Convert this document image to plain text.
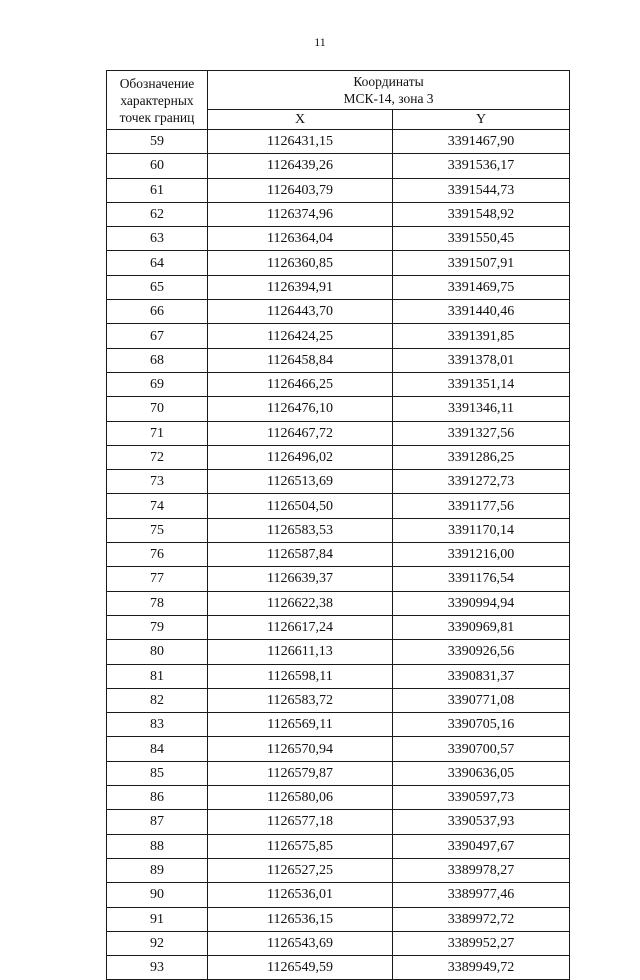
11
Обозначение
характерных
точек границ	Координаты
МСК-14, зона 3	

	X	Y
59	1126431,15	3391467,90
60	1126439,26	3391536,17
61	1126403,79	3391544,73
62	1126374,96	3391548,92
63	1126364,04	3391550,45
64	1126360,85	3391507,91
65	1126394,91	3391469,75
66	1126443,70	3391440,46
67	1126424,25	3391391,85
68	1126458,84	3391378,01
69	1126466,25	3391351,14
70	1126476,10	3391346,11
71	1126467,72	3391327,56
72	1126496,02	3391286,25
73	1126513,69	3391272,73
74	1126504,50	3391177,56
75	1126583,53	3391170,14
76	1126587,84	3391216,00
77	1126639,37	3391176,54
78	1126622,38	3390994,94
79	1126617,24	3390969,81
80	1126611,13	3390926,56
81	1126598,11	3390831,37
82	1126583,72	3390771,08
83	1126569,11	3390705,16
84	1126570,94	3390700,57
85	1126579,87	3390636,05
86	1126580,06	3390597,73
87	1126577,18	3390537,93
88	1126575,85	3390497,67
89	1126527,25	3389978,27
90	1126536,01	3389977,46
91	1126536,15	3389972,72
92	1126543,69	3389952,27
93	1126549,59	3389949,72
